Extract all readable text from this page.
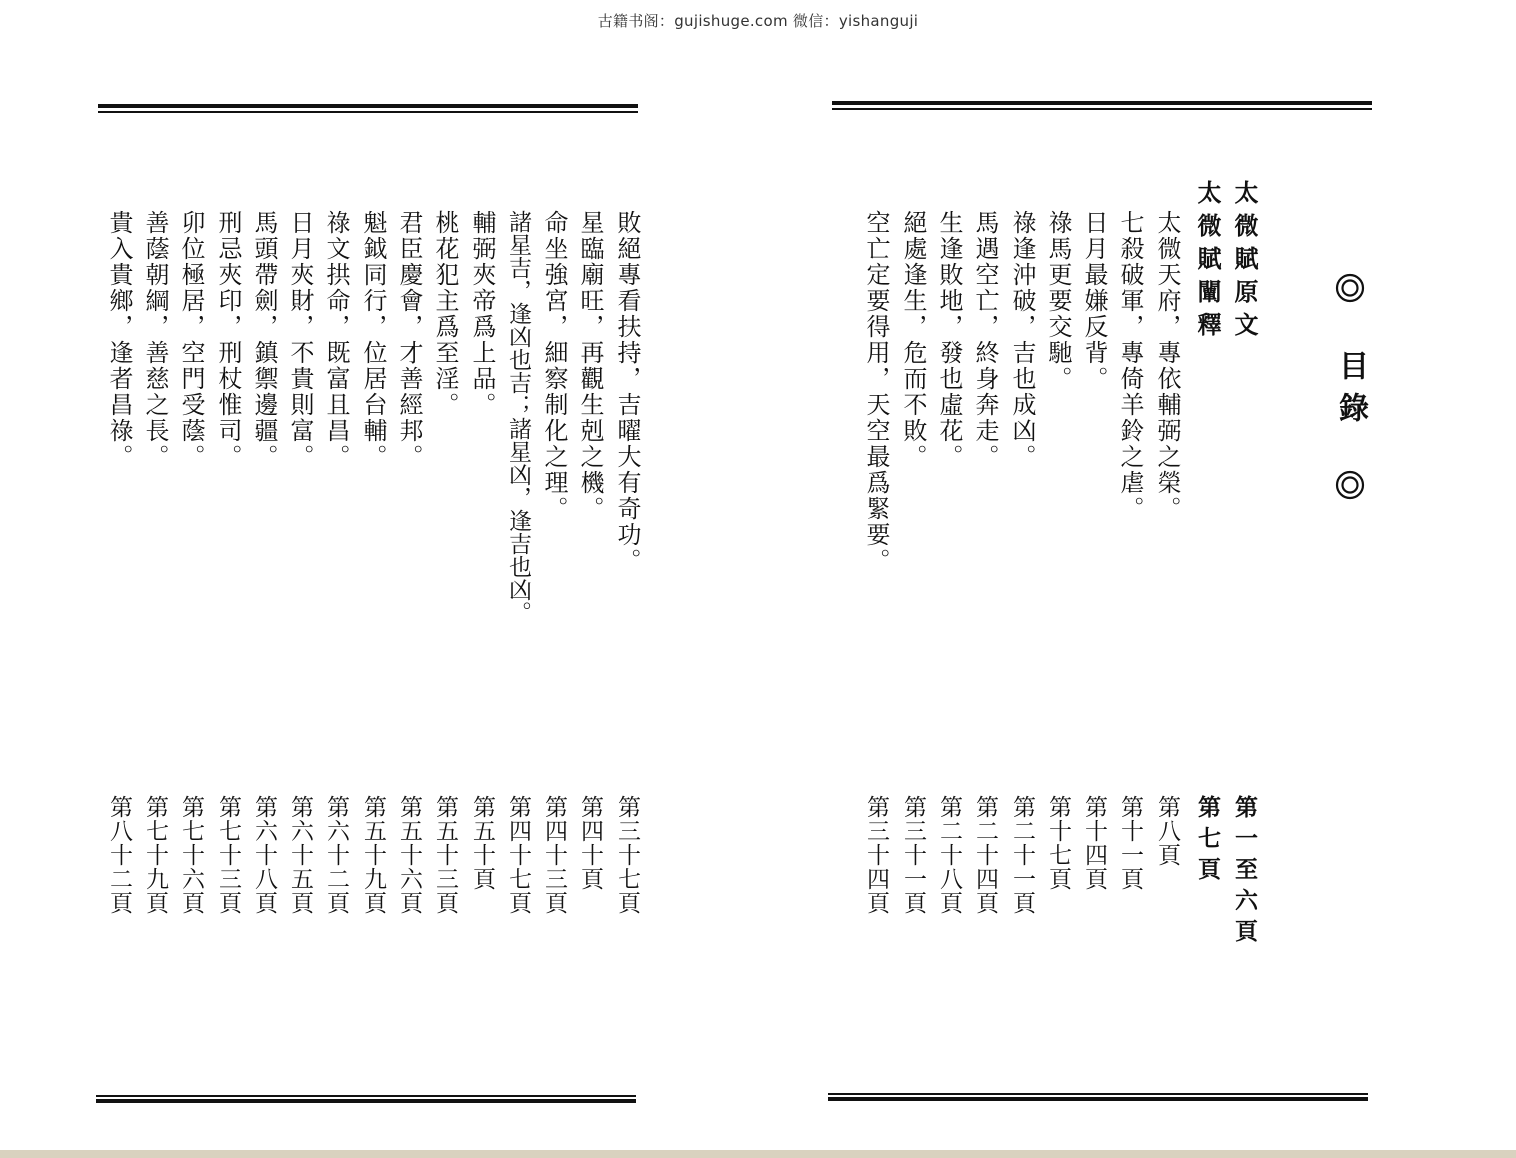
古籍书阁：gujishuge.com 微信：yishanguji
目
錄
太微賦原文
太微賦闡釋
太微天府，專依輔弼之榮。
七殺破軍，專倚羊鈴之虐。
日月最嫌反背。
祿馬更要交馳。
祿逢沖破，吉也成凶。
馬遇空亡，終身奔走。
生逢敗地，發也虛花。
絕處逢生，危而不敗。
空亡定要得用，天空最爲緊要。
第一至六頁
第七頁
第八頁
第十一頁
第十四頁
第十七頁
第二十一頁
第二十四頁
第二十八頁
第三十一頁
第三十四頁
敗絕專看扶持，吉曜大有奇功。
星臨廟旺，再觀生剋之機。
命坐強宮，細察制化之理。
諸星吉，逢凶也吉；諸星凶，逢吉也凶。
輔弼夾帝爲上品。
桃花犯主爲至淫。
君臣慶會，才善經邦。
魁鉞同行，位居台輔。
祿文拱命，既富且昌。
日月夾財，不貴則富。
馬頭帶劍，鎮禦邊疆。
刑忌夾印，刑杖惟司。
卯位極居，空門受蔭。
善蔭朝綱，善慈之長。
貴入貴鄉，逢者昌祿。
第三十七頁
第四十頁
第四十三頁
第四十七頁
第五十頁
第五十三頁
第五十六頁
第五十九頁
第六十二頁
第六十五頁
第六十八頁
第七十三頁
第七十六頁
第七十九頁
第八十二頁
